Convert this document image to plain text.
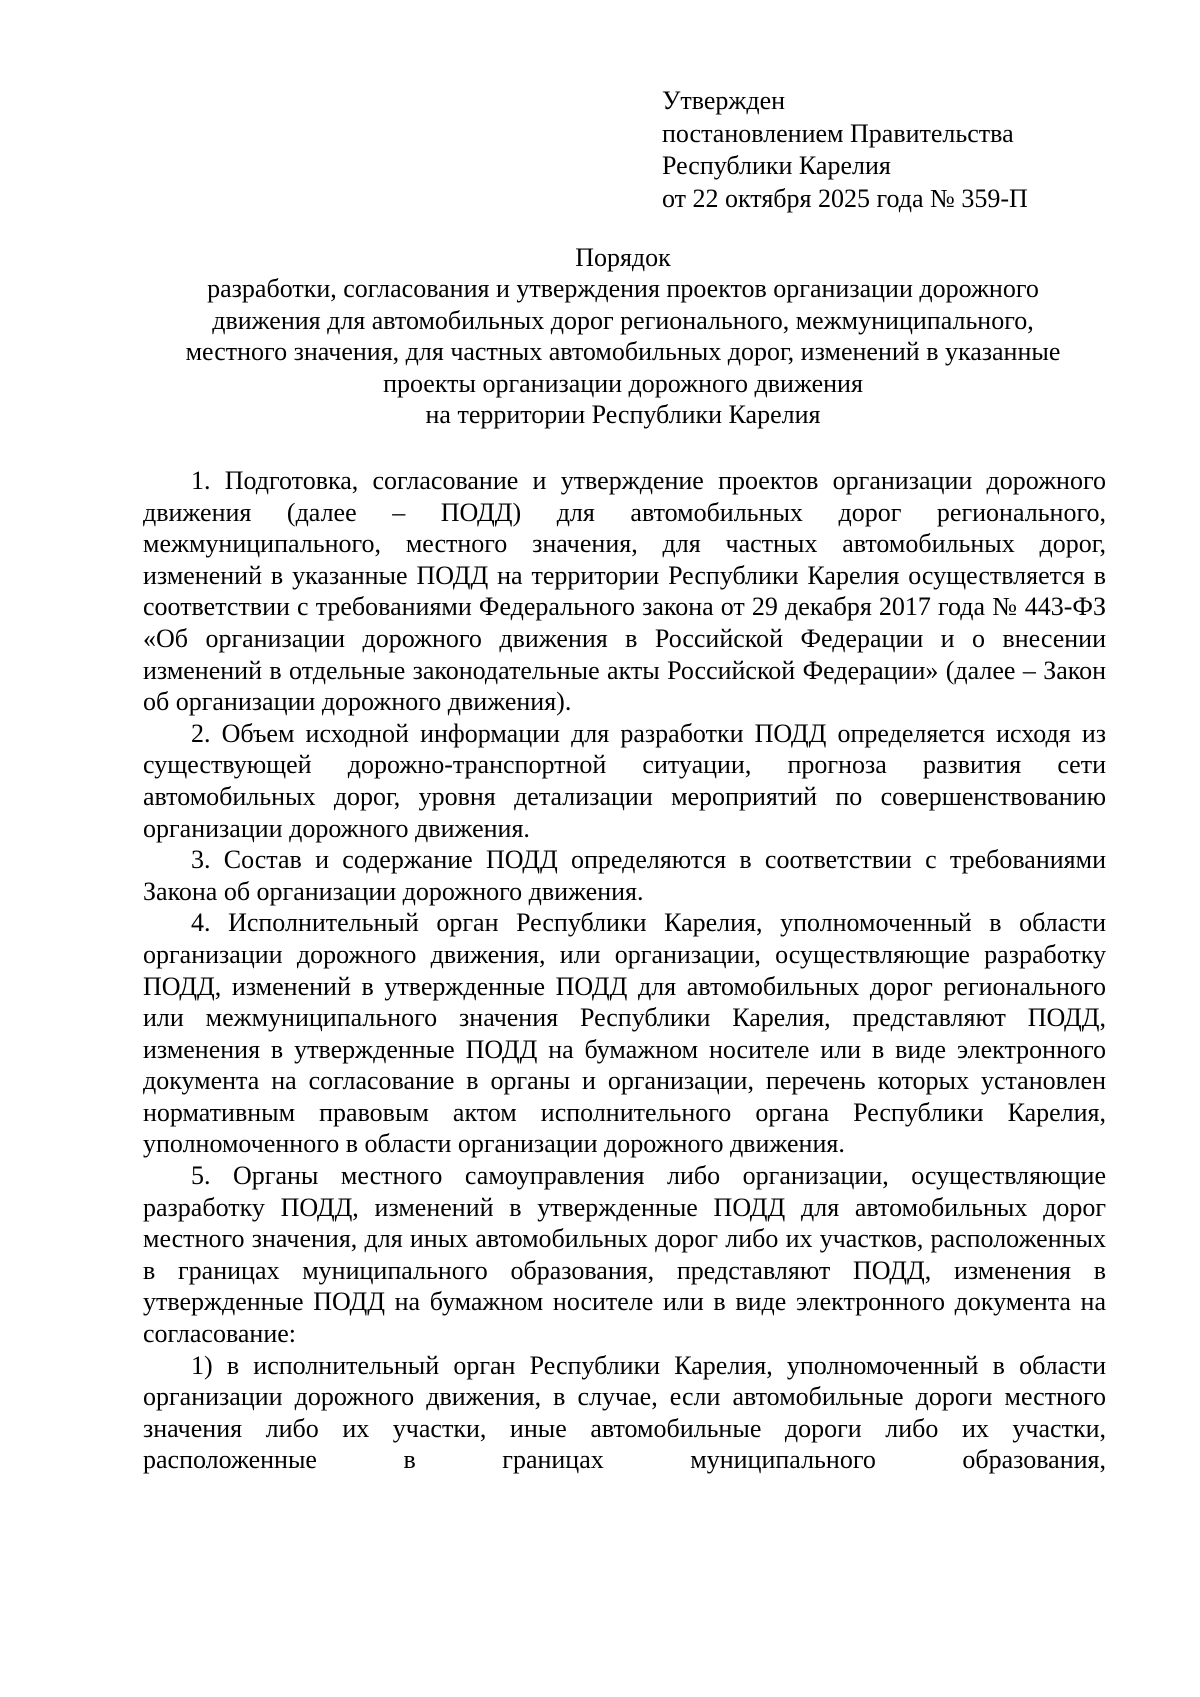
Утвержден
постановлением Правительства
Республики Карелия
от 22 октября 2025 года № 359-П
Порядок
разработки, согласования и утверждения проектов организации дорожного
движения для автомобильных дорог регионального, межмуниципального,
местного значения, для частных автомобильных дорог, изменений в указанные
проекты организации дорожного движения
на территории Республики Карелия

1. Подготовка, согласование и утверждение проектов организации дорожного движения (далее – ПОДД) для автомобильных дорог регионального, межмуниципального, местного значения, для частных автомобильных дорог, изменений в указанные ПОДД на территории Республики Карелия осуществляется в соответствии с требованиями Федерального закона от 29 декабря 2017 года № 443-ФЗ «Об организации дорожного движения в Российской Федерации и о внесении изменений в отдельные законодательные акты Российской Федерации» (далее – Закон об организации дорожного движения).

2. Объем исходной информации для разработки ПОДД определяется исходя из существующей дорожно-транспортной ситуации, прогноза развития сети автомобильных дорог, уровня детализации мероприятий по совершенствованию организации дорожного движения.

3. Состав и содержание ПОДД определяются в соответствии с требованиями Закона об организации дорожного движения.

4. Исполнительный орган Республики Карелия, уполномоченный в области организации дорожного движения, или организации, осуществляющие разработку ПОДД, изменений в утвержденные ПОДД для автомобильных дорог регионального или межмуниципального значения Республики Карелия, представляют ПОДД, изменения в утвержденные ПОДД на бумажном носителе или в виде электронного документа на согласование в органы и организации, перечень которых установлен нормативным правовым актом исполнительного органа Республики Карелия, уполномоченного в области организации дорожного движения.

5. Органы местного самоуправления либо организации, осуществляющие разработку ПОДД, изменений в утвержденные ПОДД для автомобильных дорог местного значения, для иных автомобильных дорог либо их участков, расположенных в границах муниципального образования, представляют ПОДД, изменения в утвержденные ПОДД на бумажном носителе или в виде электронного документа на согласование:

1) в исполнительный орган Республики Карелия, уполномоченный в области организации дорожного движения, в случае, если автомобильные дороги местного значения либо их участки, иные автомобильные дороги либо их участки, расположенные в границах муниципального образования,
